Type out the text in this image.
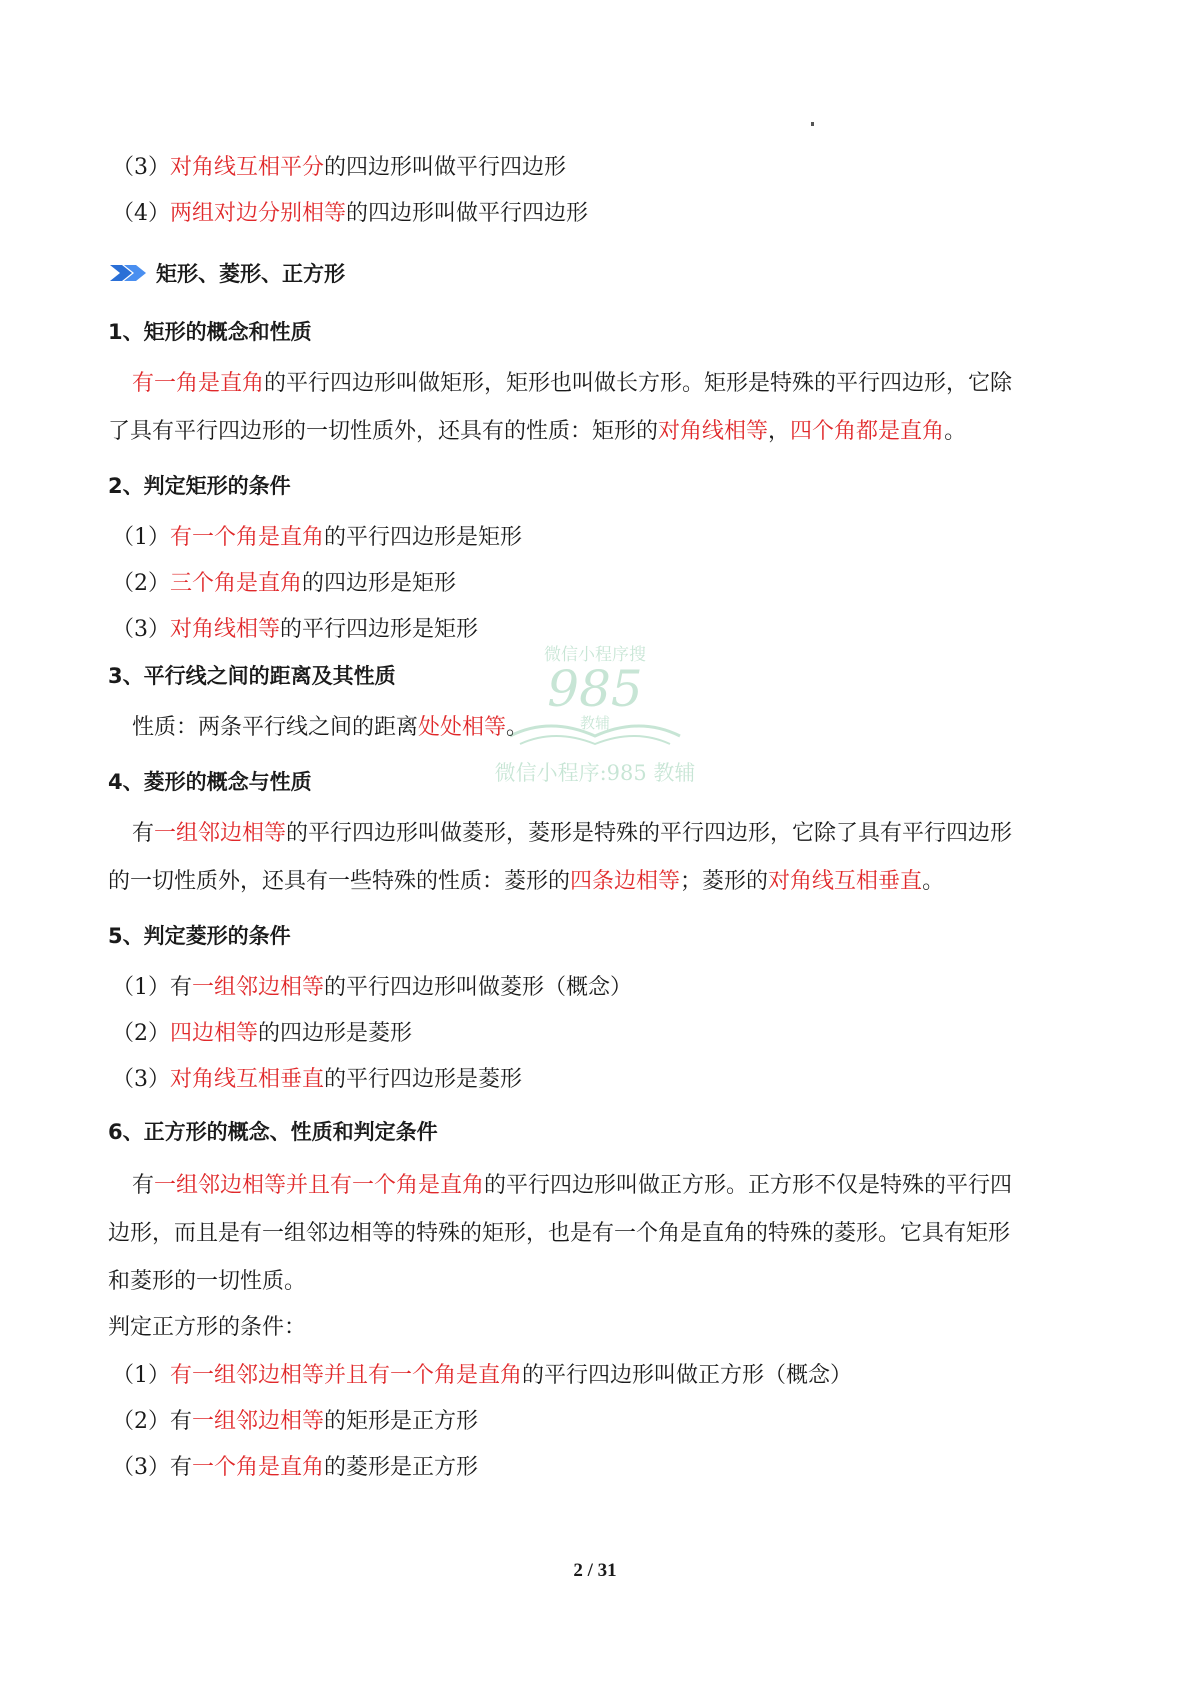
（3）对角线互相平分的四边形叫做平行四边形
（4）两组对边分别相等的四边形叫做平行四边形
矩形、菱形、正方形
1、矩形的概念和性质
有一角是直角的平行四边形叫做矩形，矩形也叫做长方形。矩形是特殊的平行四边形，它除
了具有平行四边形的一切性质外，还具有的性质：矩形的对角线相等，四个角都是直角。
2、判定矩形的条件
（1）有一个角是直角的平行四边形是矩形
（2）三个角是直角的四边形是矩形
（3）对角线相等的平行四边形是矩形
微信小程序搜
985
教辅
微信小程序:985 教辅
3、平行线之间的距离及其性质
性质：两条平行线之间的距离处处相等。
4、菱形的概念与性质
有一组邻边相等的平行四边形叫做菱形，菱形是特殊的平行四边形，它除了具有平行四边形
的一切性质外，还具有一些特殊的性质：菱形的四条边相等；菱形的对角线互相垂直。
5、判定菱形的条件
（1）有一组邻边相等的平行四边形叫做菱形（概念）
（2）四边相等的四边形是菱形
（3）对角线互相垂直的平行四边形是菱形
6、正方形的概念、性质和判定条件
有一组邻边相等并且有一个角是直角的平行四边形叫做正方形。正方形不仅是特殊的平行四
边形，而且是有一组邻边相等的特殊的矩形，也是有一个角是直角的特殊的菱形。它具有矩形
和菱形的一切性质。
判定正方形的条件：
（1）有一组邻边相等并且有一个角是直角的平行四边形叫做正方形（概念）
（2）有一组邻边相等的矩形是正方形
（3）有一个角是直角的菱形是正方形
2 / 31
